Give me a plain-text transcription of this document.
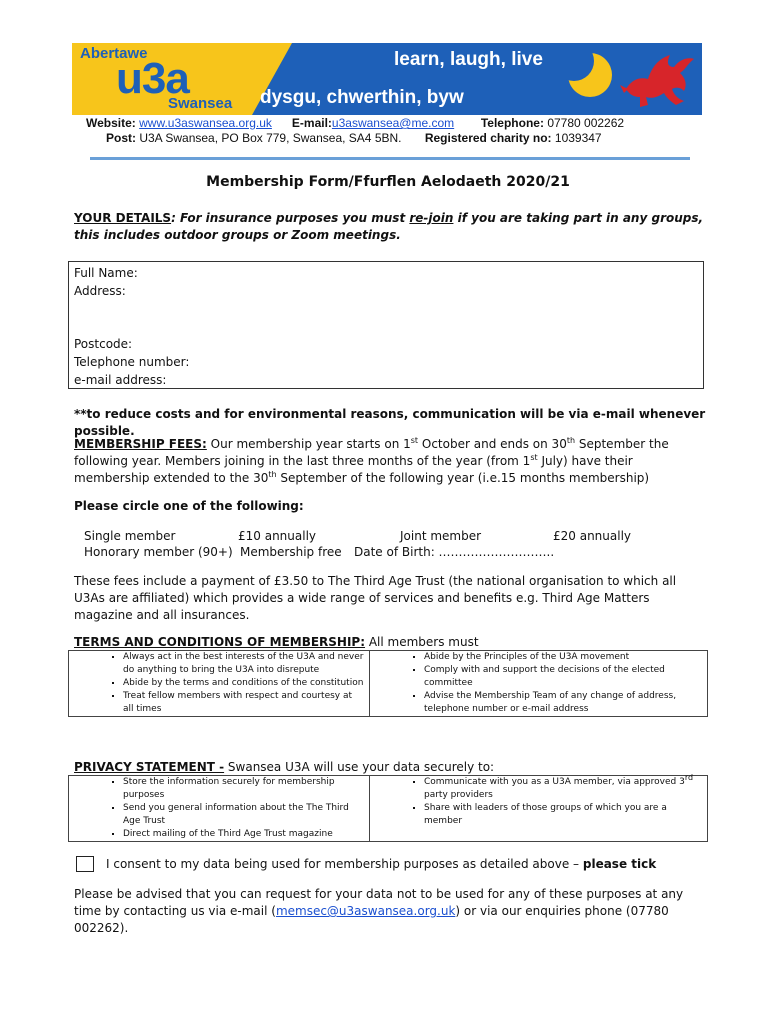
Abertawe
u3a
Swansea
learn, laugh, live
dysgu, chwerthin, byw
Website: www.u3aswansea.org.uk E-mail:u3aswansea@me.com Telephone: 07780 002262
Post: U3A Swansea, PO Box 779, Swansea, SA4 5BN. Registered charity no: 1039347
Membership Form/Ffurflen Aelodaeth 2020/21
YOUR DETAILS: For insurance purposes you must re-join if you are taking part in any groups, this includes outdoor groups or Zoom meetings.
Full Name:
Address:
Postcode:
Telephone number:
e-mail address:
**to reduce costs and for environmental reasons, communication will be via e-mail whenever possible.
MEMBERSHIP FEES: Our membership year starts on 1st October and ends on 30th September the following year. Members joining in the last three months of the year (from 1st July) have their membership extended to the 30th September of the following year (i.e.15 months membership)
Please circle one of the following:
Single member	£10 annually	Joint member	£20 annually
Honorary member (90+) Membership free Date of Birth: ………………………..
These fees include a payment of £3.50 to The Third Age Trust (the national organisation to which all U3As are affiliated) which provides a wide range of services and benefits e.g. Third Age Matters magazine and all insurances.
TERMS AND CONDITIONS OF MEMBERSHIP: All members must
▪ Always act in the best interests of the U3A and never do anything to bring the U3A into disrepute
▪ Abide by the terms and conditions of the constitution
▪ Treat fellow members with respect and courtesy at all times

▪ Abide by the Principles of the U3A movement
▪ Comply with and support the decisions of the elected committee
▪ Advise the Membership Team of any change of address, telephone number or e-mail address
PRIVACY STATEMENT - Swansea U3A will use your data securely to:
▪ Store the information securely for membership purposes
▪ Send you general information about the The Third Age Trust
▪ Direct mailing of the Third Age Trust magazine

▪ Communicate with you as a U3A member, via approved 3rd party providers
▪ Share with leaders of those groups of which you are a member
I consent to my data being used for membership purposes as detailed above – please tick
Please be advised that you can request for your data not to be used for any of these purposes at any time by contacting us via e-mail (memsec@u3aswansea.org.uk) or via our enquiries phone (07780 002262).
